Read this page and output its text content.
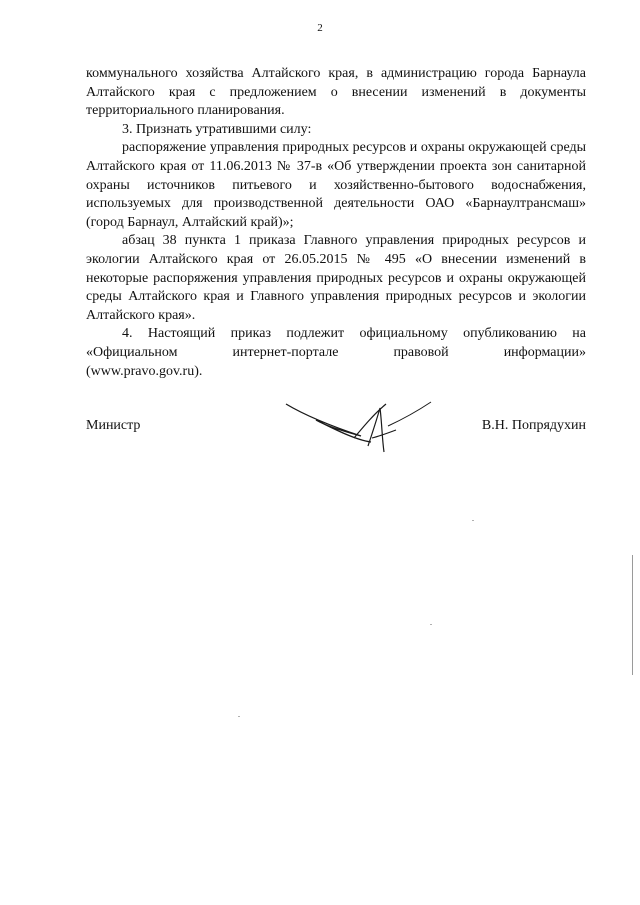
2

коммунального хозяйства Алтайского края, в администрацию города Барнаула Алтайского края с предложением о внесении изменений в документы территориального планирования.

3. Признать утратившими силу:

распоряжение управления природных ресурсов и охраны окружающей среды Алтайского края от 11.06.2013 № 37-в «Об утверждении проекта зон санитарной охраны источников питьевого и хозяйственно-бытового водоснабжения, используемых для производственной деятельности ОАО «Барнаултрансмаш» (город Барнаул, Алтайский край)»;

абзац 38 пункта 1 приказа Главного управления природных ресурсов и экологии Алтайского края от 26.05.2015 № 495 «О внесении изменений в некоторые распоряжения управления природных ресурсов и охраны окружающей среды Алтайского края и Главного управления природных ресурсов и экологии Алтайского края».

4. Настоящий приказ подлежит официальному опубликованию на «Официальном интернет-портале правовой информации»

(www.pravo.gov.ru).

Министр	В.Н. Попрядухин
